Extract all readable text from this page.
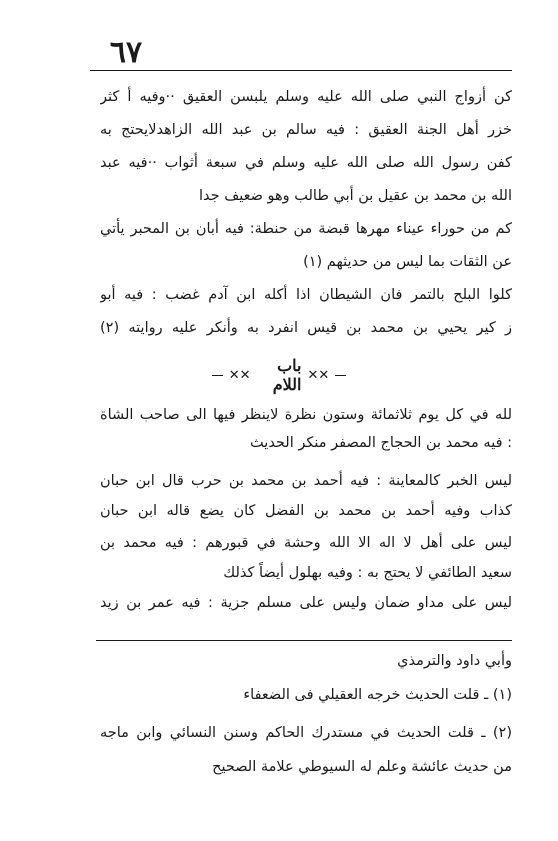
٦٧
كن أزواج النبي صلى الله عليه وسلم يلبسن العقيق ··وفيه أ كثر
خزر أهل الجنة العقيق : فيه سالم بن عبد الله الزاهدلايحتج به
كفن رسول الله صلى الله عليه وسلم في سبعة أثواب ··فيه عبد
الله بن محمد بن عقيل بن أبي طالب وهو ضعيف جدا
كم من حوراء عيناء مهرها قبضة من حنطة: فيه أبان بن المحبر يأتي
عن الثقات بما ليس من حديثهم (١)
كلوا البلح بالتمر فان الشيطان اذا أكله ابن آدم غضب : فيه أبو
ز كير يحيي بن محمد بن قيس انفرد به وأنكر عليه روايته (٢)
✕✕
باب اللام
✕✕
لله في كل يوم ثلاثمائة وستون نظرة لاينظر فيها الى صاحب الشاة
: فيه محمد بن الحجاج المصفر منكر الحديث
ليس الخبر كالمعاينة : فيه أحمد بن محمد بن حرب قال ابن حبان
كذاب وفيه أحمد بن محمد بن الفضل كان يضع قاله ابن حبان
ليس على أهل لا اله الا الله وحشة في قبورهم : فيه محمد بن
سعيد الطائفي لا يحتج به : وفيه بهلول أيضاً كذلك
ليس على مداو ضمان وليس على مسلم جزية : فيه عمر بن زيد
وأبي داود والترمذي
(١) ـ قلت الحديث خرجه العقيلي فى الضعفاء
(٢) ـ قلت الحديث في مستدرك الحاكم وسنن النسائي وابن ماجه
من حديث عائشة وعلم له السيوطي علامة الصحيح
